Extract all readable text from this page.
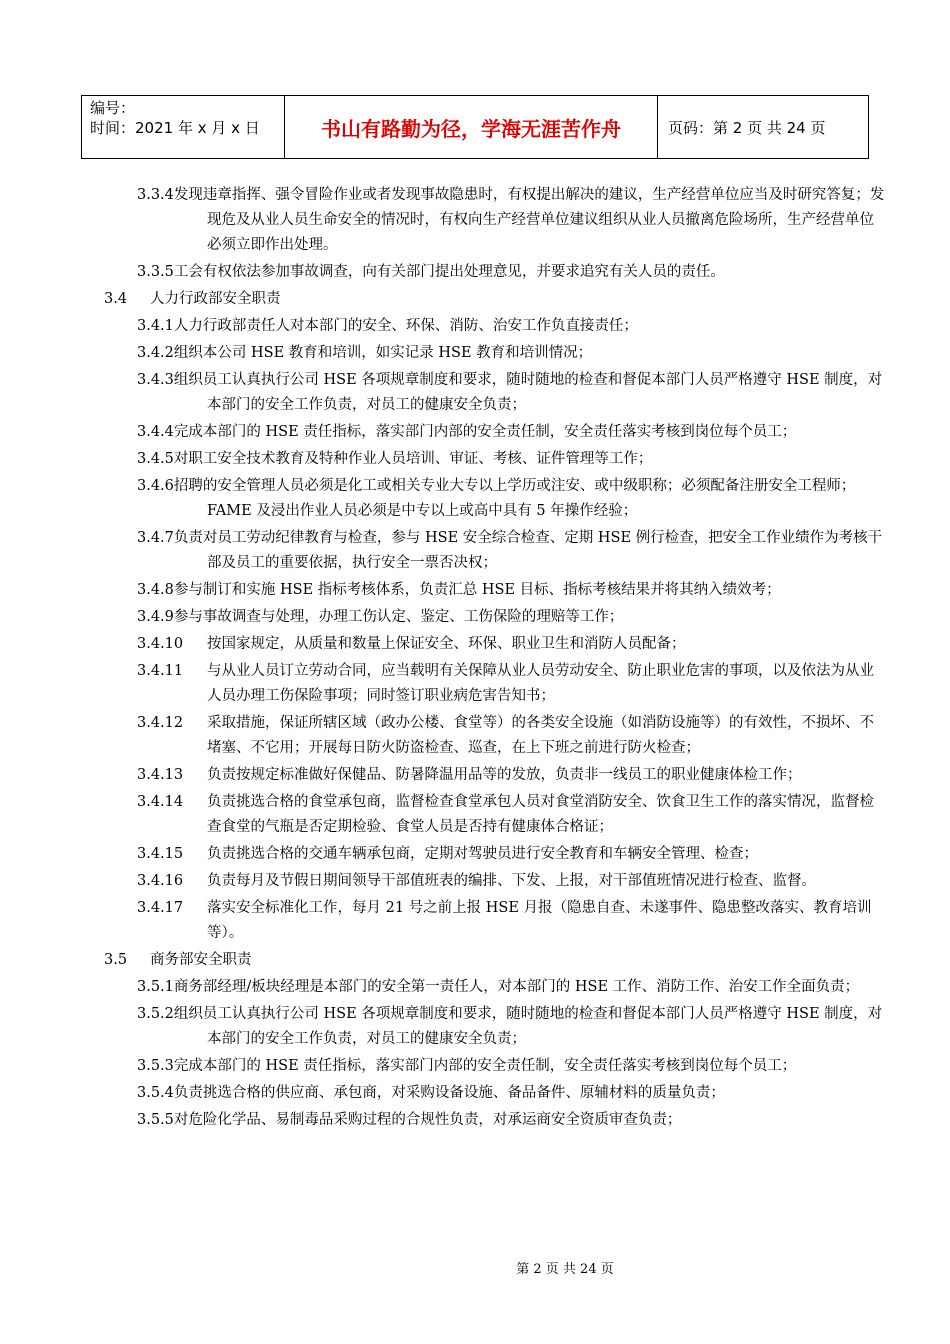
编号：
时间：2021 年 x 月 x 日	书山有路勤为径，学海无涯苦作舟	页码：第 2 页 共 24 页
3.3.4发现违章指挥、强令冒险作业或者发现事故隐患时，有权提出解决的建议，生产经营单位应当及时研究答复；发现危及从业人员生命安全的情况时，有权向生产经营单位建议组织从业人员撤离危险场所，生产经营单位必须立即作出处理。
3.3.5工会有权依法参加事故调查，向有关部门提出处理意见，并要求追究有关人员的责任。
3.4 人力行政部安全职责
3.4.1人力行政部责任人对本部门的安全、环保、消防、治安工作负直接责任；
3.4.2组织本公司 HSE 教育和培训，如实记录 HSE 教育和培训情况；
3.4.3组织员工认真执行公司 HSE 各项规章制度和要求，随时随地的检查和督促本部门人员严格遵守 HSE 制度，对本部门的安全工作负责，对员工的健康安全负责；
3.4.4完成本部门的 HSE 责任指标，落实部门内部的安全责任制，安全责任落实考核到岗位每个员工；
3.4.5对职工安全技术教育及特种作业人员培训、审证、考核、证件管理等工作；
3.4.6招聘的安全管理人员必须是化工或相关专业大专以上学历或注安、或中级职称；必须配备注册安全工程师；FAME 及浸出作业人员必须是中专以上或高中具有 5 年操作经验；
3.4.7负责对员工劳动纪律教育与检查，参与 HSE 安全综合检查、定期 HSE 例行检查，把安全工作业绩作为考核干部及员工的重要依据，执行安全一票否决权；
3.4.8参与制订和实施 HSE 指标考核体系，负责汇总 HSE 目标、指标考核结果并将其纳入绩效考；
3.4.9参与事故调查与处理，办理工伤认定、鉴定、工伤保险的理赔等工作；
3.4.10 按国家规定，从质量和数量上保证安全、环保、职业卫生和消防人员配备；
3.4.11 与从业人员订立劳动合同，应当载明有关保障从业人员劳动安全、防止职业危害的事项，以及依法为从业人员办理工伤保险事项；同时签订职业病危害告知书；
3.4.12 采取措施，保证所辖区域（政办公楼、食堂等）的各类安全设施（如消防设施等）的有效性，不损坏、不堵塞、不它用；开展每日防火防盗检查、巡查，在上下班之前进行防火检查；
3.4.13 负责按规定标准做好保健品、防暑降温用品等的发放，负责非一线员工的职业健康体检工作；
3.4.14 负责挑选合格的食堂承包商，监督检查食堂承包人员对食堂消防安全、饮食卫生工作的落实情况，监督检查食堂的气瓶是否定期检验、食堂人员是否持有健康体合格证；
3.4.15 负责挑选合格的交通车辆承包商，定期对驾驶员进行安全教育和车辆安全管理、检查；
3.4.16 负责每月及节假日期间领导干部值班表的编排、下发、上报，对干部值班情况进行检查、监督。
3.4.17 落实安全标准化工作，每月 21 号之前上报 HSE 月报（隐患自查、未遂事件、隐患整改落实、教育培训等）。
3.5 商务部安全职责
3.5.1商务部经理/板块经理是本部门的安全第一责任人，对本部门的 HSE 工作、消防工作、治安工作全面负责；
3.5.2组织员工认真执行公司 HSE 各项规章制度和要求，随时随地的检查和督促本部门人员严格遵守 HSE 制度，对本部门的安全工作负责，对员工的健康安全负责；
3.5.3完成本部门的 HSE 责任指标，落实部门内部的安全责任制，安全责任落实考核到岗位每个员工；
3.5.4负责挑选合格的供应商、承包商，对采购设备设施、备品备件、原辅材料的质量负责；
3.5.5对危险化学品、易制毒品采购过程的合规性负责，对承运商安全资质审查负责；
第 2 页 共 24 页
